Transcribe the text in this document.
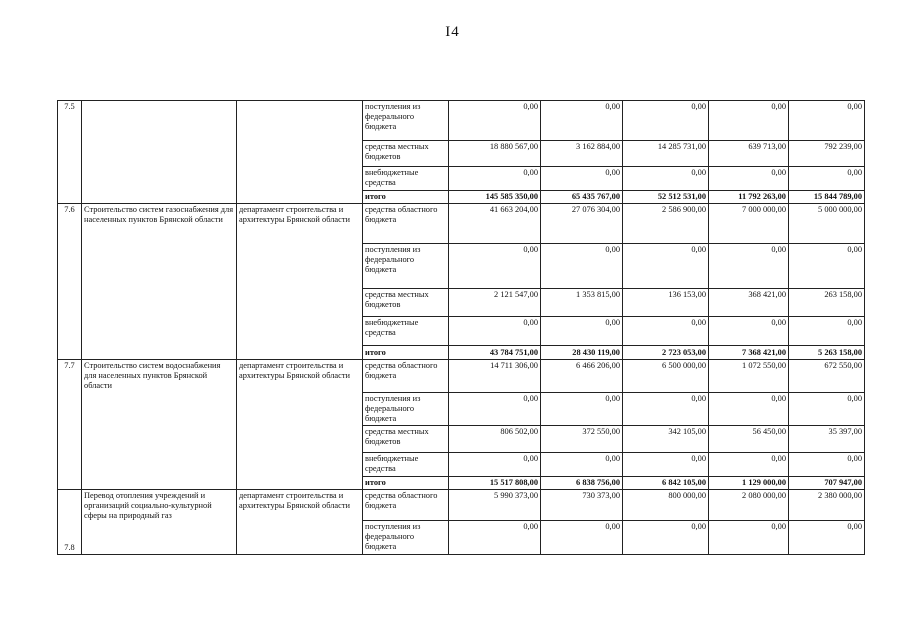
I4
7.5			поступления из федерального бюджета	0,00	0,00	0,00	0,00	0,00
			средства местных бюджетов	18 880 567,00	3 162 884,00	14 285 731,00	639 713,00	792 239,00
			внебюджетные средства	0,00	0,00	0,00	0,00	0,00
			итого	145 585 350,00	65 435 767,00	52 512 531,00	11 792 263,00	15 844 789,00
7.6	Строительство систем газоснабжения для населенных пунктов Брянской области	департамент строительства и архитектуры Брянской области	средства областного бюджета	41 663 204,00	27 076 304,00	2 586 900,00	7 000 000,00	5 000 000,00
			поступления из федерального бюджета	0,00	0,00	0,00	0,00	0,00
			средства местных бюджетов	2 121 547,00	1 353 815,00	136 153,00	368 421,00	263 158,00
			внебюджетные средства	0,00	0,00	0,00	0,00	0,00
			итого	43 784 751,00	28 430 119,00	2 723 053,00	7 368 421,00	5 263 158,00
7.7	Строительство систем водоснабжения для населенных пунктов Брянской области	департамент строительства и архитектуры Брянской области	средства областного бюджета	14 711 306,00	6 466 206,00	6 500 000,00	1 072 550,00	672 550,00
			поступления из федерального бюджета	0,00	0,00	0,00	0,00	0,00
			средства местных бюджетов	806 502,00	372 550,00	342 105,00	56 450,00	35 397,00
			внебюджетные средства	0,00	0,00	0,00	0,00	0,00
			итого	15 517 808,00	6 838 756,00	6 842 105,00	1 129 000,00	707 947,00
7.8	Перевод отопления учреждений и организаций социально-культурной сферы на природный газ	департамент строительства и архитектуры Брянской области	средства областного бюджета	5 990 373,00	730 373,00	800 000,00	2 080 000,00	2 380 000,00
			поступления из федерального бюджета	0,00	0,00	0,00	0,00	0,00
